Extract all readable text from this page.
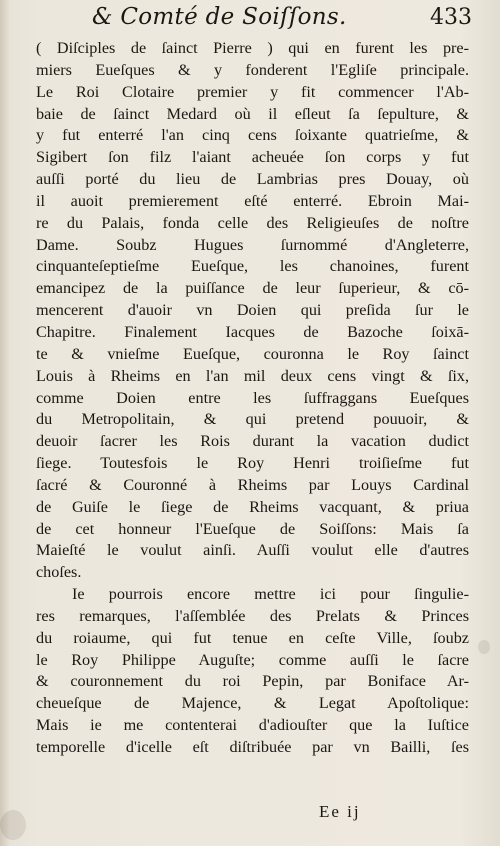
& Comté de Soiſſons.	433
( Diſciples de ſainct Pierre ) qui en furent les pre-
miers Eueſques & y fonderent l'Egliſe principale.
Le Roi Clotaire premier y fit commencer l'Ab-
baie de ſainct Medard où il eſleut ſa ſepulture, &
y fut enterré l'an cinq cens ſoixante quatrieſme, &
Sigibert ſon filz l'aiant acheuée ſon corps y fut
auſſi porté du lieu de Lambrias pres Douay, où
il auoit premierement eſté enterré. Ebroin Mai-
re du Palais, fonda celle des Religieuſes de noſtre
Dame. Soubz Hugues ſurnommé d'Angleterre,
cinquanteſeptieſme Eueſque, les chanoines, furent
emancipez de la puiſſance de leur ſuperieur, & cō-
mencerent d'auoir vn Doien qui preſida ſur le
Chapitre. Finalement Iacques de Bazoche ſoixā-
te & vnieſme Eueſque, couronna le Roy ſainct
Louis à Rheims en l'an mil deux cens vingt & ſix,
comme Doien entre les ſuffraggans Eueſques
du Metropolitain, & qui pretend pouuoir, &
deuoir ſacrer les Rois durant la vacation dudict
ſiege. Toutesfois le Roy Henri troiſieſme fut
ſacré & Couronné à Rheims par Louys Cardinal
de Guiſe le ſiege de Rheims vacquant, & priua
de cet honneur l'Eueſque de Soiſſons: Mais ſa
Maieſté le voulut ainſi. Auſſi voulut elle d'autres
choſes.
Ie pourrois encore mettre ici pour ſingulie-
res remarques, l'aſſemblée des Prelats & Princes
du roiaume, qui fut tenue en ceſte Ville, ſoubz
le Roy Philippe Auguſte; comme auſſi le ſacre
& couronnement du roi Pepin, par Boniface Ar-
cheueſque de Majence, & Legat Apoſtolique:
Mais ie me contenterai d'adiouſter que la Iuſtice
temporelle d'icelle eſt diſtribuée par vn Bailli, ſes
Ee ij
